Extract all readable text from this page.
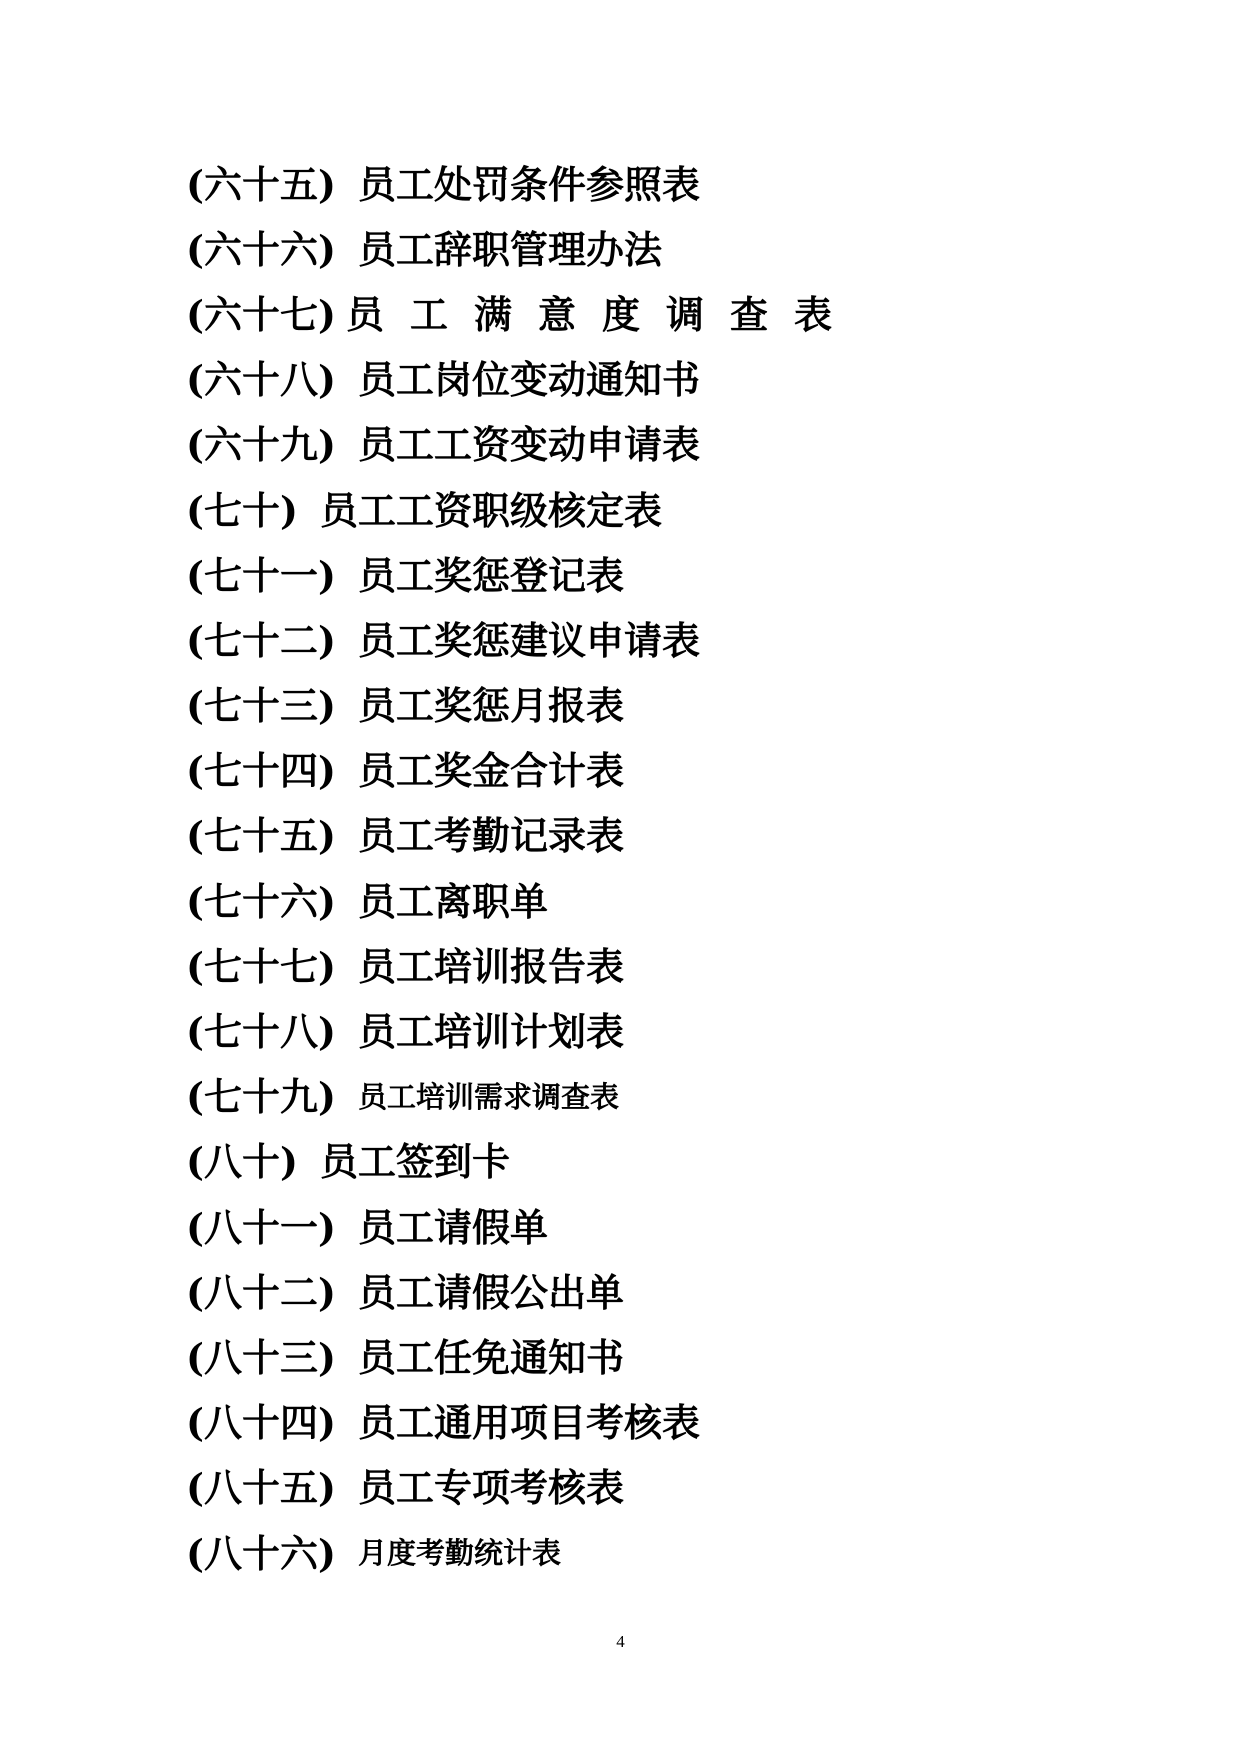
(六十五) 员工处罚条件参照表
(六十六) 员工辞职管理办法
(六十七) 员工满意度调查表
(六十八) 员工岗位变动通知书
(六十九) 员工工资变动申请表
(七十) 员工工资职级核定表
(七十一) 员工奖惩登记表
(七十二) 员工奖惩建议申请表
(七十三) 员工奖惩月报表
(七十四) 员工奖金合计表
(七十五) 员工考勤记录表
(七十六) 员工离职单
(七十七) 员工培训报告表
(七十八) 员工培训计划表
(七十九) 员工培训需求调查表
(八十) 员工签到卡
(八十一) 员工请假单
(八十二) 员工请假公出单
(八十三) 员工任免通知书
(八十四) 员工通用项目考核表
(八十五) 员工专项考核表
(八十六) 月度考勤统计表
4
